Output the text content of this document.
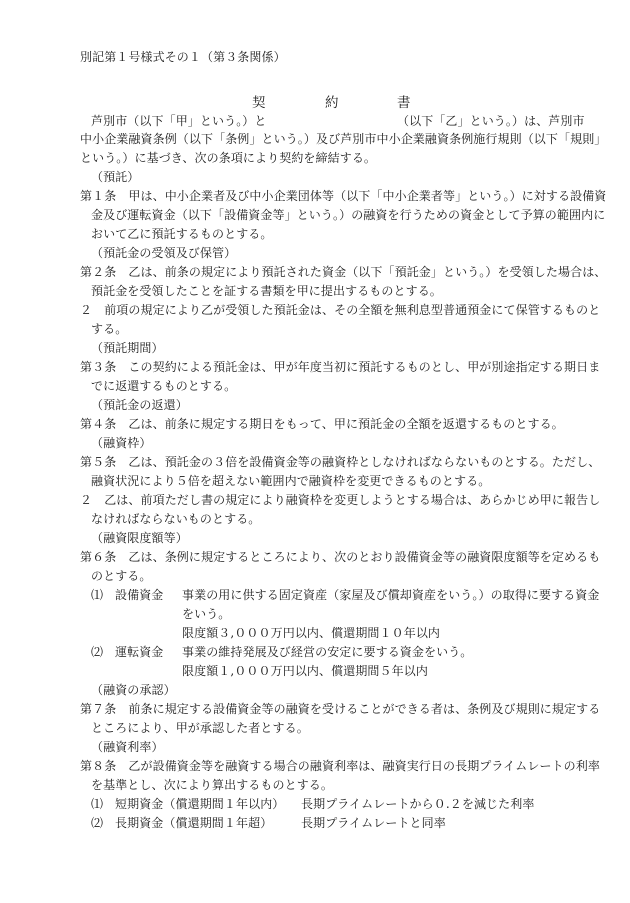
別記第１号様式その１（第３条関係）
契	約	書
芦別市（以下「甲」という。）と	（以下「乙」という。）は、芦別市
中小企業融資条例（以下「条例」という。）及び芦別市中小企業融資条例施行規則（以下「規則」
という。）に基づき、次の条項により契約を締結する。
（預託）
第１条　甲は、中小企業者及び中小企業団体等（以下「中小企業者等」という。）に対する設備資
金及び運転資金（以下「設備資金等」という。）の融資を行うための資金として予算の範囲内に
おいて乙に預託するものとする。
（預託金の受領及び保管）
第２条　乙は、前条の規定により預託された資金（以下「預託金」という。）を受領した場合は、
預託金を受領したことを証する書類を甲に提出するものとする。
２　前項の規定により乙が受領した預託金は、その全額を無利息型普通預金にて保管するものと
する。
（預託期間）
第３条　この契約による預託金は、甲が年度当初に預託するものとし、甲が別途指定する期日ま
でに返還するものとする。
（預託金の返還）
第４条　乙は、前条に規定する期日をもって、甲に預託金の全額を返還するものとする。
（融資枠）
第５条　乙は、預託金の３倍を設備資金等の融資枠としなければならないものとする。ただし、
融資状況により５倍を超えない範囲内で融資枠を変更できるものとする。
２　乙は、前項ただし書の規定により融資枠を変更しようとする場合は、あらかじめ甲に報告し
なければならないものとする。
（融資限度額等）
第６条　乙は、条例に規定するところにより、次のとおり設備資金等の融資限度額等を定めるも
のとする。
⑴ 設備資金 事業の用に供する固定資産（家屋及び償却資産をいう。）の取得に要する資金
をいう。
限度額３,０００万円以内、償還期間１０年以内
⑵ 運転資金 事業の維持発展及び経営の安定に要する資金をいう。
限度額１,０００万円以内、償還期間５年以内
（融資の承認）
第７条　前条に規定する設備資金等の融資を受けることができる者は、条例及び規則に規定する
ところにより、甲が承認した者とする。
（融資利率）
第８条　乙が設備資金等を融資する場合の融資利率は、融資実行日の長期プライムレートの利率
を基準とし、次により算出するものとする。
⑴ 短期資金（償還期間１年以内） 長期プライムレートから０.２を減じた利率
⑵ 長期資金（償還期間１年超） 長期プライムレートと同率
